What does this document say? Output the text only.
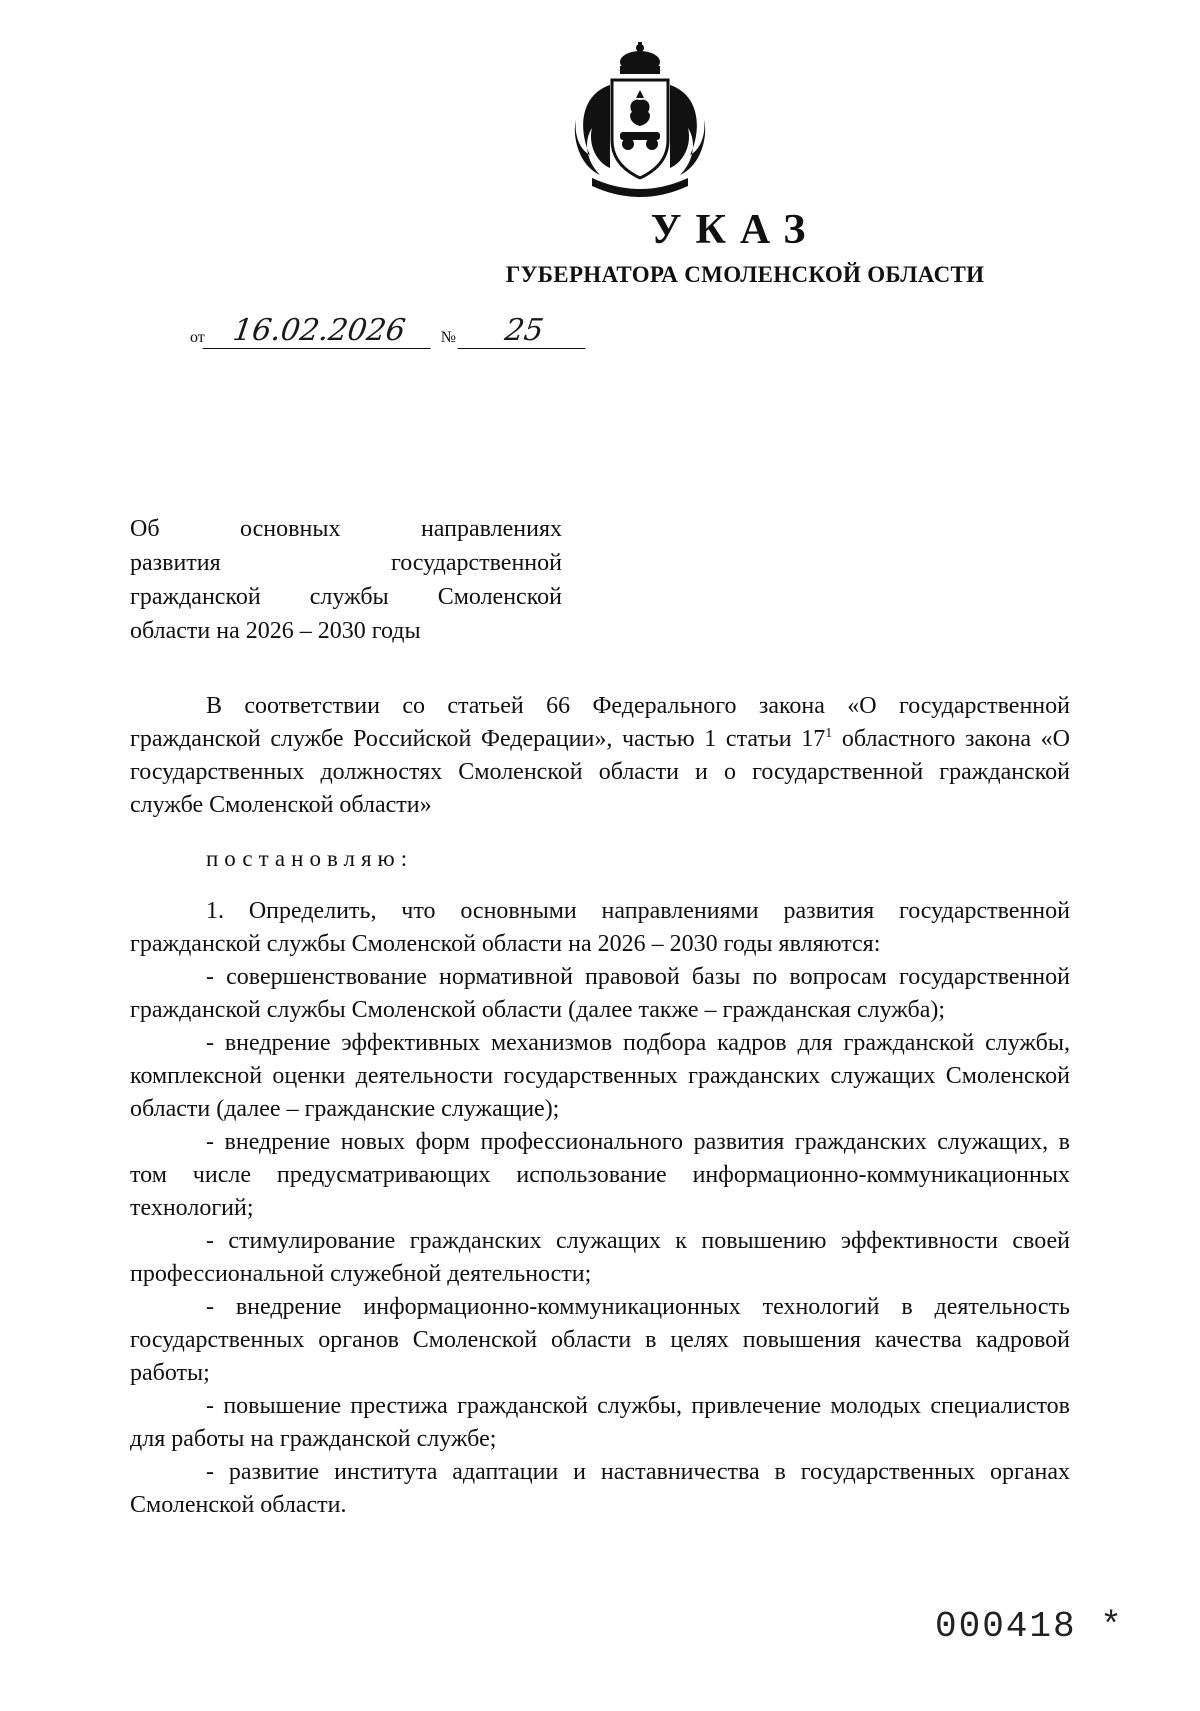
УКАЗ
ГУБЕРНАТОРА СМОЛЕНСКОЙ ОБЛАСТИ
от 16.02.2026	№	25
Об основных направлениях
развития государственной
гражданской службы Смоленской
области на 2026 – 2030 годы

В соответствии со статьей 66 Федерального закона «О государственной гражданской службе Российской Федерации», частью 1 статьи $17^1$ областного закона «О государственных должностях Смоленской области и о государственной гражданской службе Смоленской области»

постановляю:

1. Определить, что основными направлениями развития государственной гражданской службы Смоленской области на 2026 – 2030 годы являются:

- совершенствование нормативной правовой базы по вопросам государственной гражданской службы Смоленской области (далее также – гражданская служба);

- внедрение эффективных механизмов подбора кадров для гражданской службы, комплексной оценки деятельности государственных гражданских служащих Смоленской области (далее – гражданские служащие);

- внедрение новых форм профессионального развития гражданских служащих, в том числе предусматривающих использование информационно-коммуникационных технологий;

- стимулирование гражданских служащих к повышению эффективности своей профессиональной служебной деятельности;

- внедрение информационно-коммуникационных технологий в деятельность государственных органов Смоленской области в целях повышения качества кадровой работы;

- повышение престижа гражданской службы, привлечение молодых специалистов для работы на гражданской службе;

- развитие института адаптации и наставничества в государственных органах Смоленской области.

000418 *
